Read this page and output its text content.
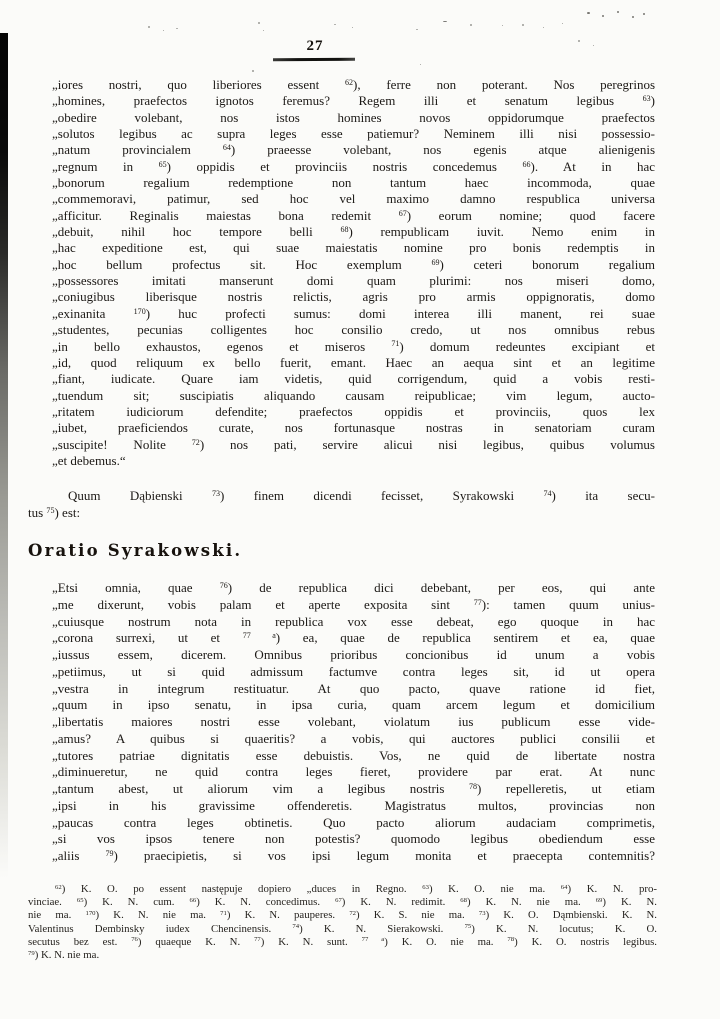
27
„iores nostri, quo liberiores essent $^{62}$), ferre non poterant. Nos peregrinos
„homines, praefectos ignotos feremus? Regem illi et senatum legibus $^{63}$)
„obedire volebant, nos istos homines novos oppidorumque praefectos
„solutos legibus ac supra leges esse patiemur? Neminem illi nisi possessio-
„natum provincialem $^{64}$) praeesse volebant, nos egenis atque alienigenis
„regnum in $^{65}$) oppidis et provinciis nostris concedemus $^{66}$). At in hac
„bonorum regalium redemptione non tantum haec incommoda, quae
„commemoravi, patimur, sed hoc vel maximo damno respublica universa
„afficitur. Reginalis maiestas bona redemit $^{67}$) eorum nomine; quod facere
„debuit, nihil hoc tempore belli $^{68}$) rempublicam iuvit. Nemo enim in
„hac expeditione est, qui suae maiestatis nomine pro bonis redemptis in
„hoc bellum profectus sit. Hoc exemplum $^{69}$) ceteri bonorum regalium
„possessores imitati manserunt domi quam plurimi: nos miseri domo,
„coniugibus liberisque nostris relictis, agris pro armis oppignoratis, domo
„exinanita $^{170}$) huc profecti sumus: domi interea illi manent, rei suae
„studentes, pecunias colligentes hoc consilio credo, ut nos omnibus rebus
„in bello exhaustos, egenos et miseros $^{71}$) domum redeuntes excipiant et
„id, quod reliquum ex bello fuerit, emant. Haec an aequa sint et an legitime
„fiant, iudicate. Quare iam videtis, quid corrigendum, quid a vobis resti-
„tuendum sit; suscipiatis aliquando causam reipublicae; vim legum, aucto-
„ritatem iudiciorum defendite; praefectos oppidis et provinciis, quos lex
„iubet, praeficiendos curate, nos fortunasque nostras in senatoriam curam
„suscipite! Nolite $^{72}$) nos pati, servire alicui nisi legibus, quibus volumus
„et debemus.“
Quum Dąbienski $^{73}$) finem dicendi fecisset, Syrakowski $^{74}$) ita secu-
tus $^{75}$) est:
Oratio Syrakowski.
„Etsi omnia, quae $^{76}$) de republica dici debebant, per eos, qui ante
„me dixerunt, vobis palam et aperte exposita sint $^{77}$): tamen quum unius-
„cuiusque nostrum nota in republica vox esse debeat, ego quoque in hac
„corona surrexi, ut et $^{77 a}$) ea, quae de republica sentirem et ea, quae
„iussus essem, dicerem. Omnibus prioribus concionibus id unum a vobis
„petiimus, ut si quid admissum factumve contra leges sit, id ut opera
„vestra in integrum restituatur. At quo pacto, quave ratione id fiet,
„quum in ipso senatu, in ipsa curia, quam arcem legum et domicilium
„libertatis maiores nostri esse volebant, violatum ius publicum esse vide-
„amus? A quibus si quaeritis? a vobis, qui auctores publici consilii et
„tutores patriae dignitatis esse debuistis. Vos, ne quid de libertate nostra
„diminueretur, ne quid contra leges fieret, providere par erat. At nunc
„tantum abest, ut aliorum vim a legibus nostris $^{78}$) repelleretis, ut etiam
„ipsi in his gravissime offenderetis. Magistratus multos, provincias non
„paucas contra leges obtinetis. Quo pacto aliorum audaciam comprimetis,
„si vos ipsos tenere non potestis? quomodo legibus obediendum esse
„aliis $^{79}$) praecipietis, si vos ipsi legum monita et praecepta contemnitis?
$^{62}$) K. O. po essent następuje dopiero „duces in Regno. $^{63}$) K. O. nie ma. $^{64}$) K. N. pro-
vinciae. $^{65}$) K. N. cum. $^{66}$) K. N. concedimus. $^{67}$) K. N. redimit. $^{68}$) K. N. nie ma. $^{69}$) K. N.
nie ma. $^{170}$) K. N. nie ma. $^{71}$) K. N. pauperes. $^{72}$) K. S. nie ma. $^{73}$) K. O. Dąmbienski. K. N.
Valentinus Dembinsky iudex Chencinensis. $^{74}$) K. N. Sierakowski. $^{75}$) K. N. locutus; K. O.
secutus bez est. $^{76}$) quaeque K. N. $^{77}$) K. N. sunt. $^{77 a}$) K. O. nie ma. $^{78}$) K. O. nostris legibus.
$^{79}$) K. N. nie ma.
